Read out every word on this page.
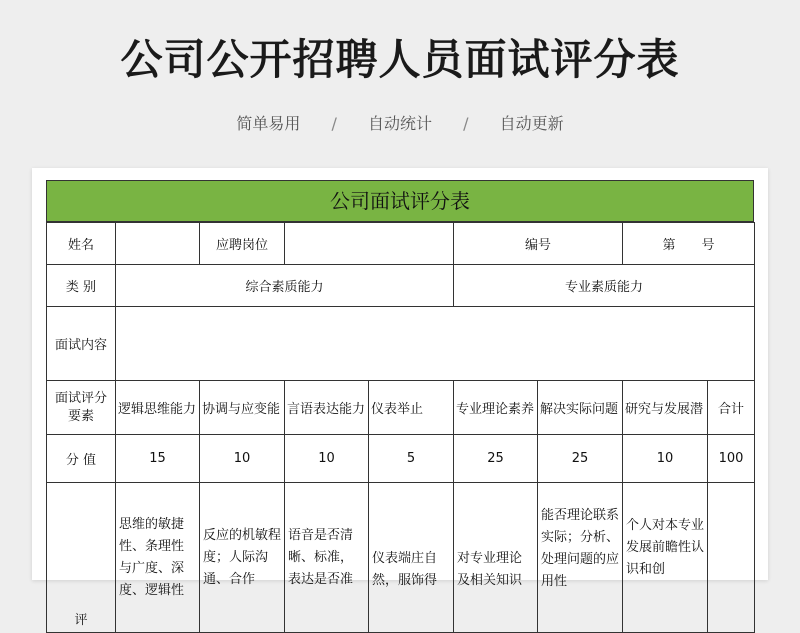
公司公开招聘人员面试评分表
简单易用 / 自动统计 / 自动更新
公司面试评分表
姓名		应聘岗位			编号		第　　号	
类 别	综合素质能力				专业素质能力			
面试内容								
面试评分要素	逻辑思维能力	协调与应变能	言语表达能力	仪表举止	专业理论素养	解决实际问题	研究与发展潜	合计
分 值	15	10	10	5	25	25	10	100
评	思维的敏捷性、条理性与广度、深度、逻辑性	反应的机敏程度；人际沟通、合作	语音是否清晰、标准，表达是否准	仪表端庄自然，服饰得	对专业理论及相关知识	能否理论联系实际；分析、处理问题的应用性	个人对本专业发展前瞻性认识和创	
